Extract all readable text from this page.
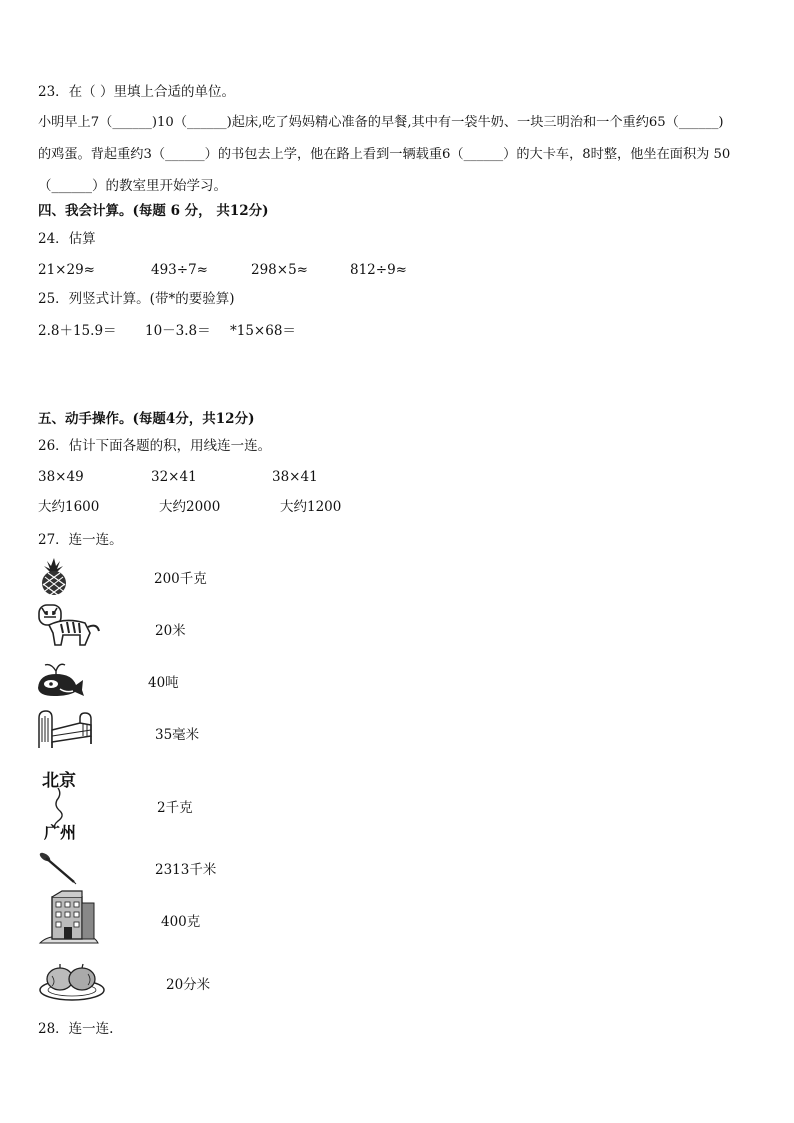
23．在（ ）里填上合适的单位。
小明早上7（______)10（______)起床,吃了妈妈精心准备的早餐,其中有一袋牛奶、一块三明治和一个重约65（______)
的鸡蛋。背起重约3（______）的书包去上学，他在路上看到一辆载重6（______）的大卡车，8时整，他坐在面积为 50
（______）的教室里开始学习。
四、我会计算。(每题 6 分， 共12分)
24．估算
21×29≈	493÷7≈	298×5≈	812÷9≈
25．列竖式计算。(带*的要验算)
2.8＋15.9＝ 10－3.8＝ *15×68＝
五、动手操作。(每题4分，共12分)
26．估计下面各题的积，用线连一连。
38×49	32×41	38×41
大约1600	大约2000	大约1200
27．连一连。
200千克
20米
40吨
35毫米
北京
广州
2千克
2313千米
400克
20分米
28．连一连.
